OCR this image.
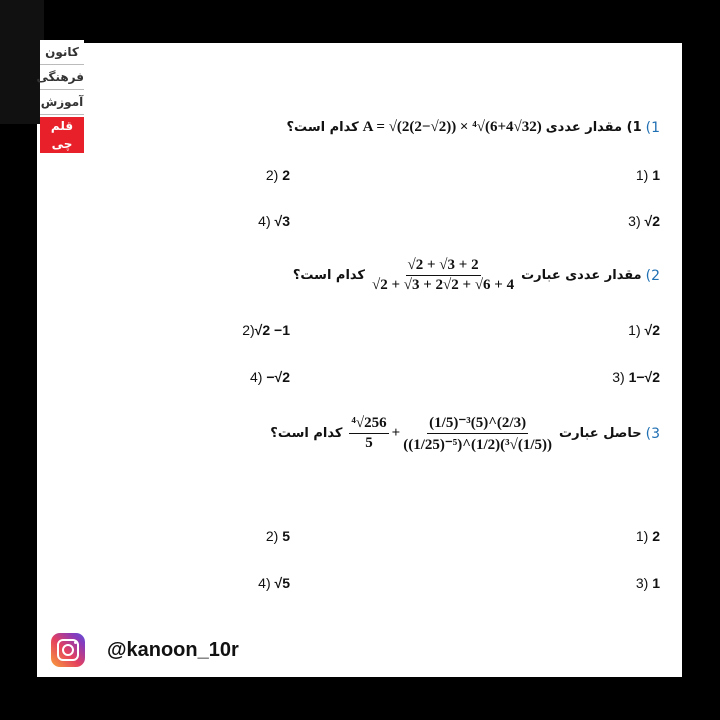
1)
1) مقدار عددی
A = √(2(2−√2)) × ⁴√(6+4√32)
کدام است؟
1 (1
2 (2
√2 (3
√3 (4
2)
مقدار عددی عبارت
$\frac{√2 + √3 + 2}{√2 + √3 + 2√2 + √6 + 4}$
کدام است؟
√2 (1
√2 −1(2
1−√2 (3
−√2 (4
3)
حاصل عبارت
$\frac{\text{⁴√256}}{5} + \frac{\text{(1/5)⁻³(5)\textasciicircum{}(2/3)}}{\text{((1/25)⁻⁵)\textasciicircum{}(1/2)(³√(1/5))}}$
کدام است؟
2 (1
5 (2
1 (3
√5 (4
@kanoon_10r
کانون
فرهنگی
آموزش
قلم چی
